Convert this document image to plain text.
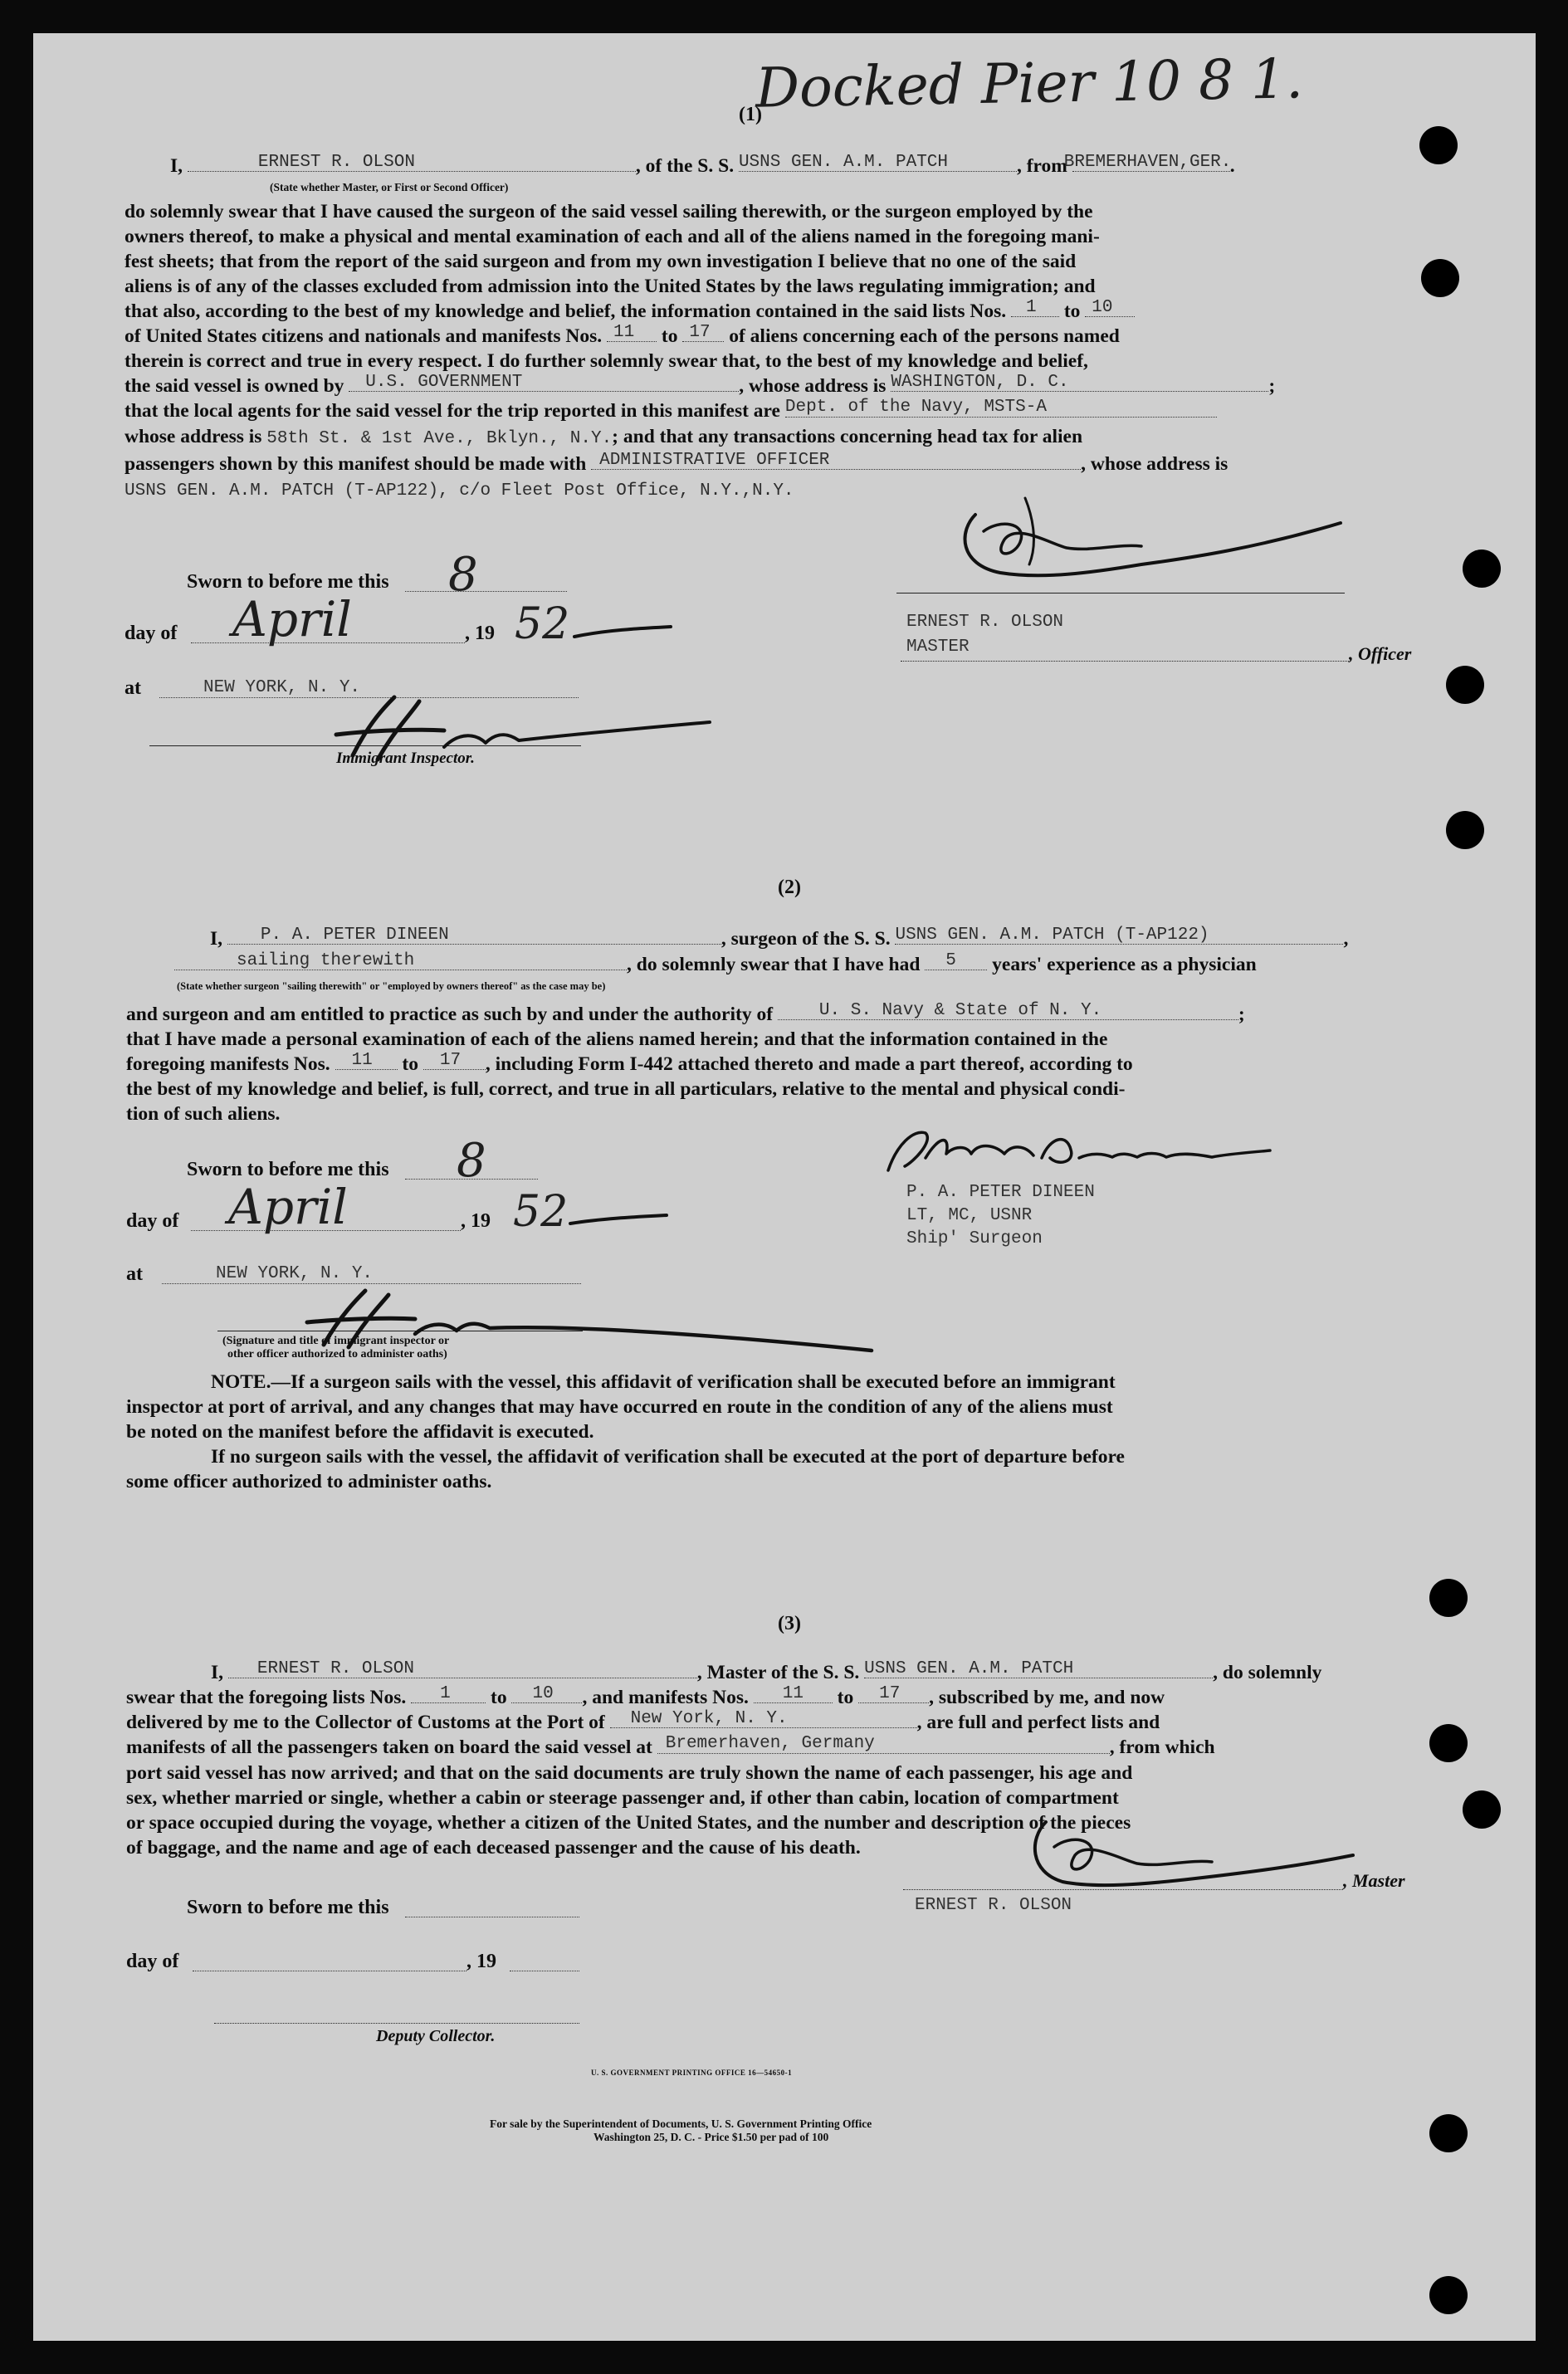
Docked Pier 10 8 1.
(1)
I,	ERNEST R. OLSON	, of the S. S. USNS GEN. A.M. PATCH	, from
BREMERHAVEN,GER.
.
(State whether Master, or First or Second Officer)
do solemnly swear that I have caused the surgeon of the said vessel sailing therewith, or the surgeon employed by the
owners thereof, to make a physical and mental examination of each and all of the aliens named in the foregoing mani-
fest sheets; that from the report of the said surgeon and from my own investigation I believe that no one of the said
aliens is of any of the classes excluded from admission into the United States by the laws regulating immigration; and
that also, according to the best of my knowledge and belief, the information contained in the said lists Nos. 1 to 10
of United States citizens and nationals and manifests Nos. 11 to 17 of aliens concerning each of the persons named
therein is correct and true in every respect. I do further solemnly swear that, to the best of my knowledge and belief,
the said vessel is owned by U.S. GOVERNMENT	, whose address is WASHINGTON, D. C.	;
that the local agents for the said vessel for the trip reported in this manifest are Dept. of the Navy, MSTS-A
whose address is 58th St. & 1st Ave., Bklyn., N.Y.; and that any transactions concerning head tax for alien
passengers shown by this manifest should be made with ADMINISTRATIVE OFFICER	, whose address is
USNS GEN. A.M. PATCH (T-AP122), c/o Fleet Post Office, N.Y.,N.Y.
Sworn to before me this 8
day of April	, 19 52
at	NEW YORK, N. Y.
Immigrant Inspector.
ERNEST R. OLSON
MASTER	, Officer
(2)
I, P. A. PETER DINEEN	, surgeon of the S. S. USNS GEN. A.M. PATCH (T-AP122)	,
sailing therewith	, do solemnly swear that I have had 5 years' experience as a physician
(State whether surgeon "sailing therewith" or "employed by owners thereof" as the case may be)
and surgeon and am entitled to practice as such by and under the authority of	U. S. Navy & State of N. Y.	;
that I have made a personal examination of each of the aliens named herein; and that the information contained in the
foregoing manifests Nos. 11 to 17 , including Form I-442 attached thereto and made a part thereof, according to
the best of my knowledge and belief, is full, correct, and true in all particulars, relative to the mental and physical condi-
tion of such aliens.
Sworn to before me this 8
day of April	, 19 52
at	NEW YORK, N. Y.
(Signature and title of immigrant inspector or
other officer authorized to administer oaths)
P. A. PETER DINEEN
LT, MC, USNR
Ship' Surgeon
NOTE.—If a surgeon sails with the vessel, this affidavit of verification shall be executed before an immigrant
inspector at port of arrival, and any changes that may have occurred en route in the condition of any of the aliens must
be noted on the manifest before the affidavit is executed.
If no surgeon sails with the vessel, the affidavit of verification shall be executed at the port of departure before
some officer authorized to administer oaths.
(3)
I, ERNEST R. OLSON	, Master of the S. S. USNS GEN. A.M. PATCH	, do solemnly
swear that the foregoing lists Nos. 1 to 10 , and manifests Nos. 11 to 17 , subscribed by me, and now
delivered by me to the Collector of Customs at the Port of New York, N. Y.	, are full and perfect lists and
manifests of all the passengers taken on board the said vessel at Bremerhaven, Germany	, from which
port said vessel has now arrived; and that on the said documents are truly shown the name of each passenger, his age and
sex, whether married or single, whether a cabin or steerage passenger and, if other than cabin, location of compartment
or space occupied during the voyage, whether a citizen of the United States, and the number and description of the pieces
of baggage, and the name and age of each deceased passenger and the cause of his death.
, Master
ERNEST R. OLSON
Sworn to before me this
day of	, 19
Deputy Collector.
U. S. GOVERNMENT PRINTING OFFICE 16—54650-1
For sale by the Superintendent of Documents, U. S. Government Printing Office
Washington 25, D. C. - Price $1.50 per pad of 100
